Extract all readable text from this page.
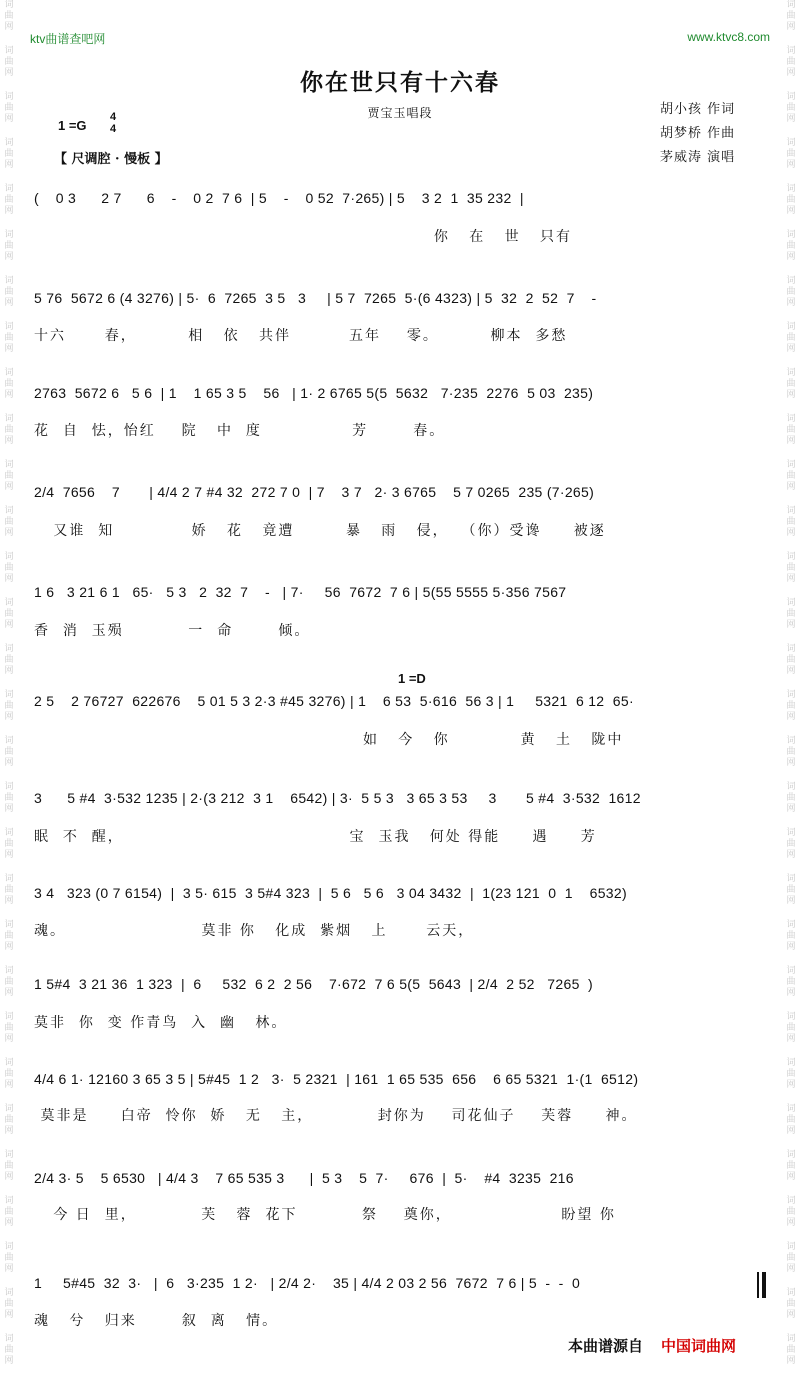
词
曲
网
词
曲
网
词
曲
网
词
曲
网
词
曲
网
词
曲
网
词
曲
网
词
曲
网
词
曲
网
词
曲
网
词
曲
网
词
曲
网
词
曲
网
词
曲
网
词
曲
网
词
曲
网
词
曲
网
词
曲
网
词
曲
网
词
曲
网
词
曲
网
词
曲
网
词
曲
网
词
曲
网
词
曲
网
词
曲
网
词
曲
网
词
曲
网
词
曲
网
词
曲
网
词
曲
网
词
曲
网
词
曲
网
词
曲
网
词
曲
网
词
曲
网
词
曲
网
词
曲
网
词
曲
网
词
曲
网
词
曲
网
词
曲
网
词
曲
网
词
曲
网
词
曲
网
词
曲
网
词
曲
网
词
曲
网
词
曲
网
词
曲
网
词
曲
网
词
曲
网
词
曲
网
词
曲
网
词
曲
网
词
曲
网
词
曲
网
词
曲
网
词
曲
网
词
曲
网
ktv曲谱查吧网	www.ktvc8.com
你在世只有十六春
贾宝玉唱段	胡小孩 作词
胡梦桥 作曲
茅威涛 演唱
1 =G
4
4
【 尺调腔 · 慢板 】
(    0 3      2 7      6    -    0 2  7 6  | 5    -    0 52  7·265) | 5    3 2  1  35 232  |
你   在   世   只有
5 76  5672 6 (4 3276) | 5·  6  7265  3 5   3     | 5 7  7265  5·(6 4323) | 5  32  2  52  7    -
十六      春，        相   依   共伴         五年    零。        柳本  多愁
2763  5672 6   5 6  | 1    1 65 3 5    56   | 1· 2 6765 5(5  5632   7·235  2276  5 03  235)
花  自  怯，怡红    院   中  度              芳       春。
2/4  7656    7       | 4/4 2 7 #4 32  272 7 0  | 7    3 7   2· 3 6765    5 7 0265  235 (7·265)
又谁  知            娇   花   竟遭        暴   雨   侵，  （你）受谗     被逐
1 6   3 21 6 1   65·   5 3   2  32  7    -   | 7·     56  7672  7 6 | 5(55 5555 5·356 7567
香  消  玉殒          一  命       倾。
1 =D
2 5    2 76727  622676    5 01 5 3 2·3 #45 3276) | 1    6 53  5·616  56 3 | 1     5321  6 12  65·
如   今   你           黄   土   陇中
3      5 #4  3·532 1235 | 2·(3 212  3 1    6542) | 3·  5 5 3   3 65 3 53     3       5 #4  3·532  1612
眠  不  醒，                                   宝  玉我   何处 得能     遇     芳
3 4   323 (0 7 6154)  |  3 5· 615  3 5#4 323  |  5 6   5 6   3 04 3432  |  1(23 121  0  1    6532)
魂。                     莫非 你   化成  紫烟   上      云天，
1 5#4  3 21 36  1 323  |  6     532  6 2  2 56    7·672  7 6 5(5  5643  | 2/4  2 52   7265  )
莫非  你  变 作青鸟  入  幽   林。
4/4 6 1· 12160 3 65 3 5 | 5#45  1 2   3·  5 2321  | 161  1 65 535  656    6 65 5321  1·(1  6512)
莫非是     白帝  怜你  娇   无   主，          封你为    司花仙子    芙蓉     神。
2/4 3· 5    5 6530   | 4/4 3    7 65 535 3      |  5 3    5  7·     676  |  5·    #4  3235  216
今 日  里，          芙   蓉  花下          祭    奠你，                 盼望 你
1     5#45  32  3·   |  6   3·235  1 2·   | 2/4 2·    35 | 4/4 2 03 2 56  7672  7 6 | 5  -  -  0
魂   兮   归来       叙  离   情。
本曲谱源自 中国词曲网
